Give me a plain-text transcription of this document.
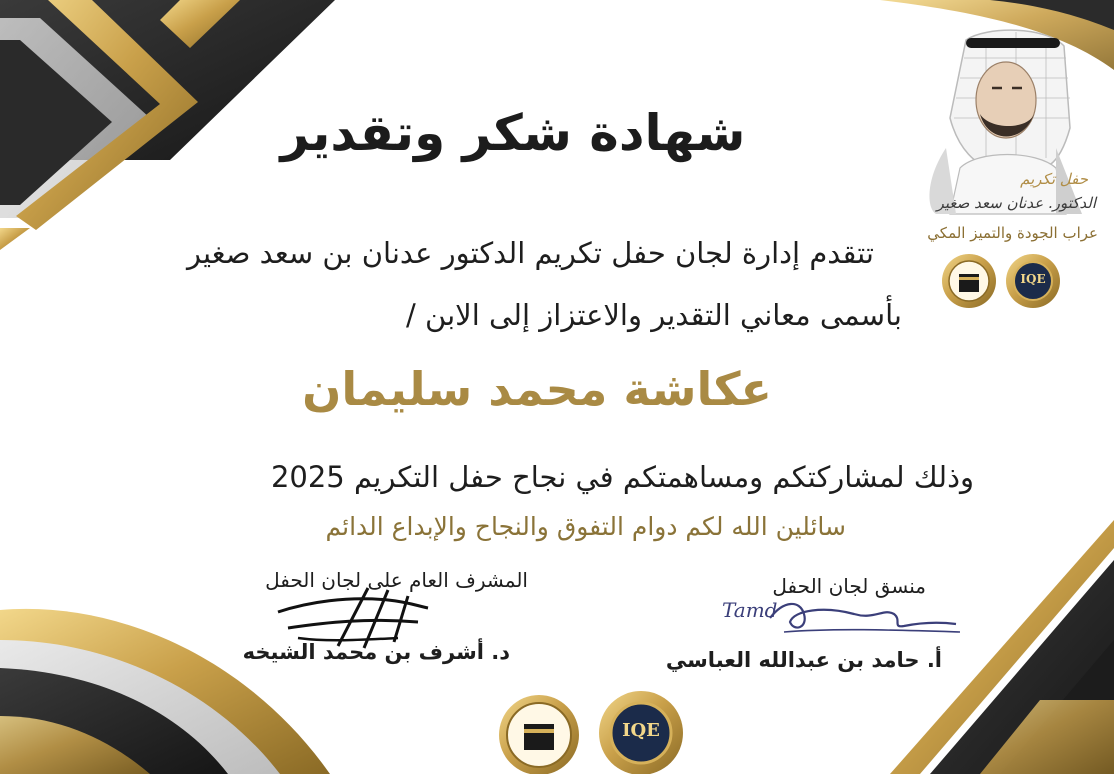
حفل تكريم
الدكتور. عدنان سعد صغير
عراب الجودة والتميز المكي
IQE
شهادة شكر وتقدير
تتقدم إدارة لجان حفل تكريم الدكتور عدنان بن سعد صغير
بأسمى معاني التقدير والاعتزاز إلى الابن /
عكاشة محمد سليمان
وذلك لمشاركتكم ومساهمتكم في نجاح حفل التكريم 2025
سائلين الله لكم دوام التفوق والنجاح والإبداع الدائم
المشرف العام على لجان الحفل
د. أشرف بن محمد الشيخه
منسق لجان الحفل
Tamd
أ. حامد بن عبدالله العباسي
IQE
